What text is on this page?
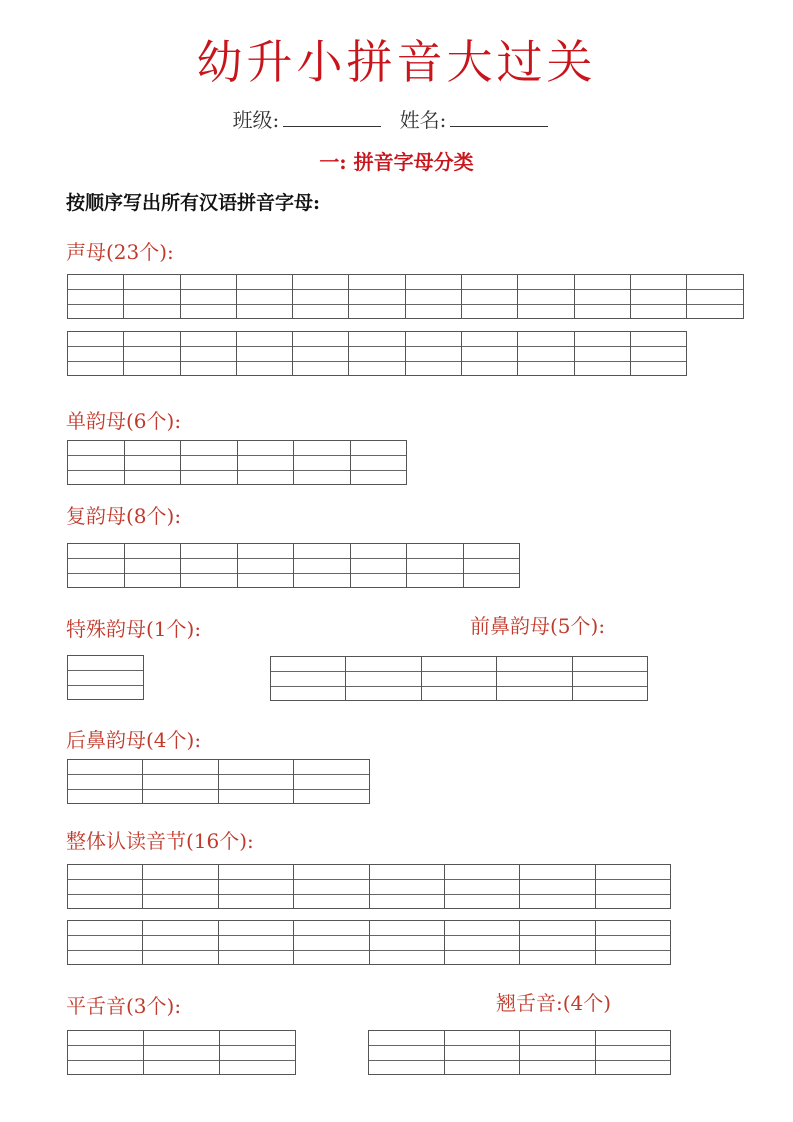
幼升小拼音大过关
班级:	姓名:
一: 拼音字母分类
按顺序写出所有汉语拼音字母:
声母(23个):
单韵母(6个):
复韵母(8个):
特殊韵母(1个):	前鼻韵母(5个):
后鼻韵母(4个):
整体认读音节(16个):
平舌音(3个):	翘舌音:(4个)
